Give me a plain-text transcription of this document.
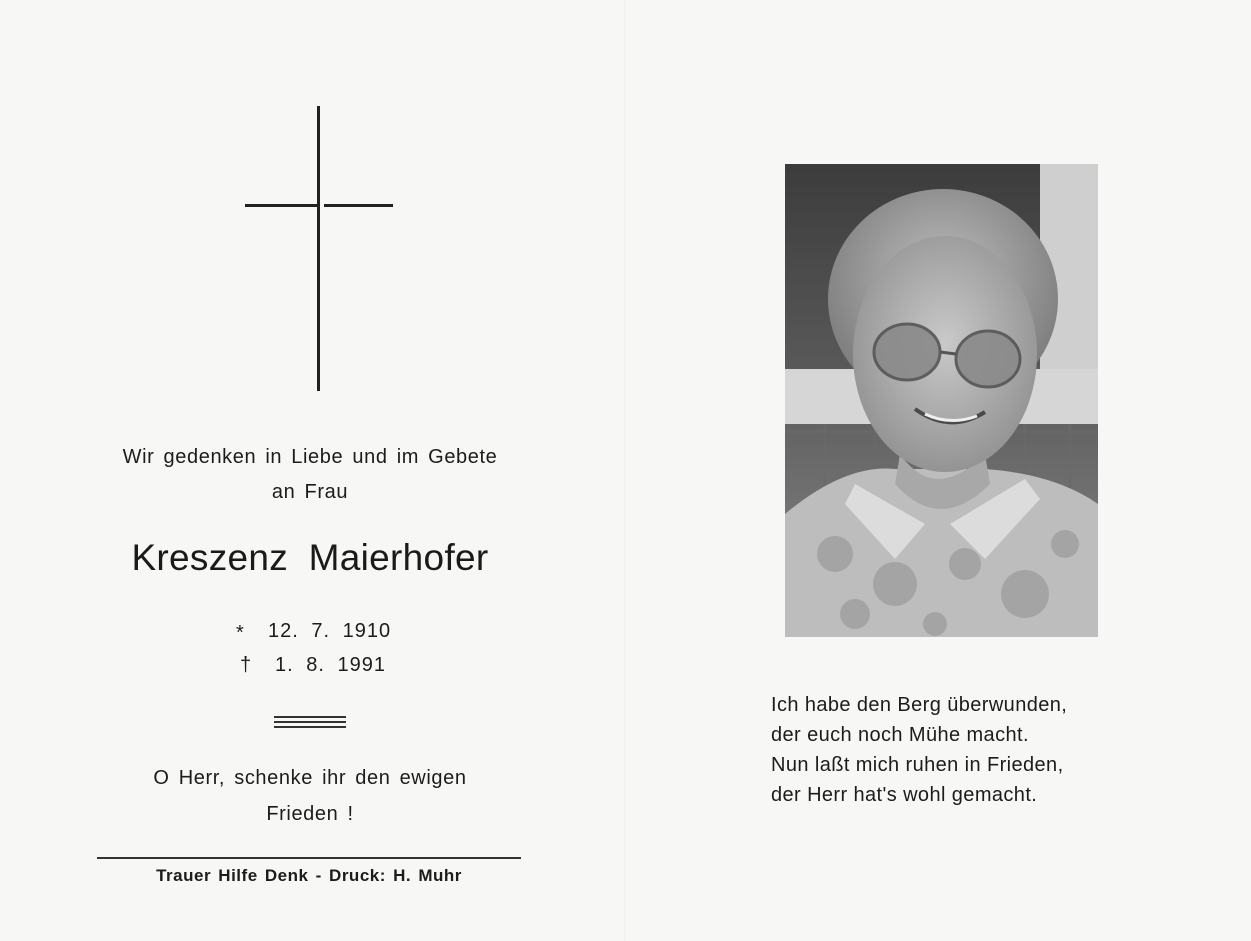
Wir gedenken in Liebe und im Gebete
an Frau
Kreszenz Maierhofer
* 12. 7. 1910
† 1. 8. 1991
O Herr, schenke ihr den ewigen
Frieden !
Trauer Hilfe Denk - Druck: H. Muhr
Ich habe den Berg überwunden,
der euch noch Mühe macht.
Nun laßt mich ruhen in Frieden,
der Herr hat's wohl gemacht.
